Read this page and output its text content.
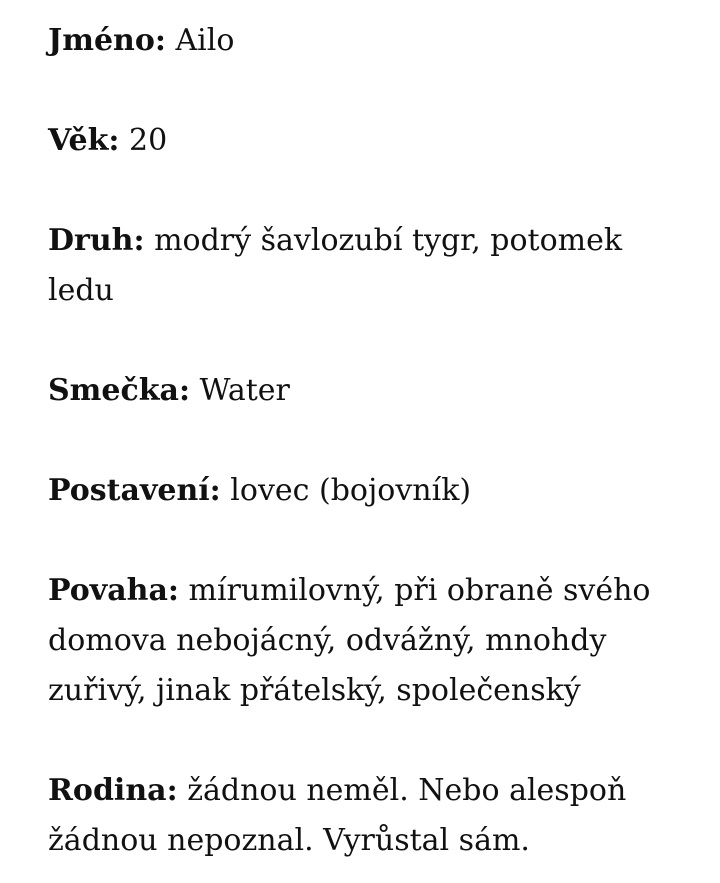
Jméno: Ailo

Věk: 20

Druh: modrý šavlozubí tygr, potomek ledu

Smečka: Water

Postavení: lovec (bojovník)

Povaha: mírumilovný, při obraně svého domova nebojácný, odvážný, mnohdy zuřivý, jinak přátelský, společenský

Rodina: žádnou neměl. Nebo alespoň žádnou nepoznal. Vyrůstal sám.
